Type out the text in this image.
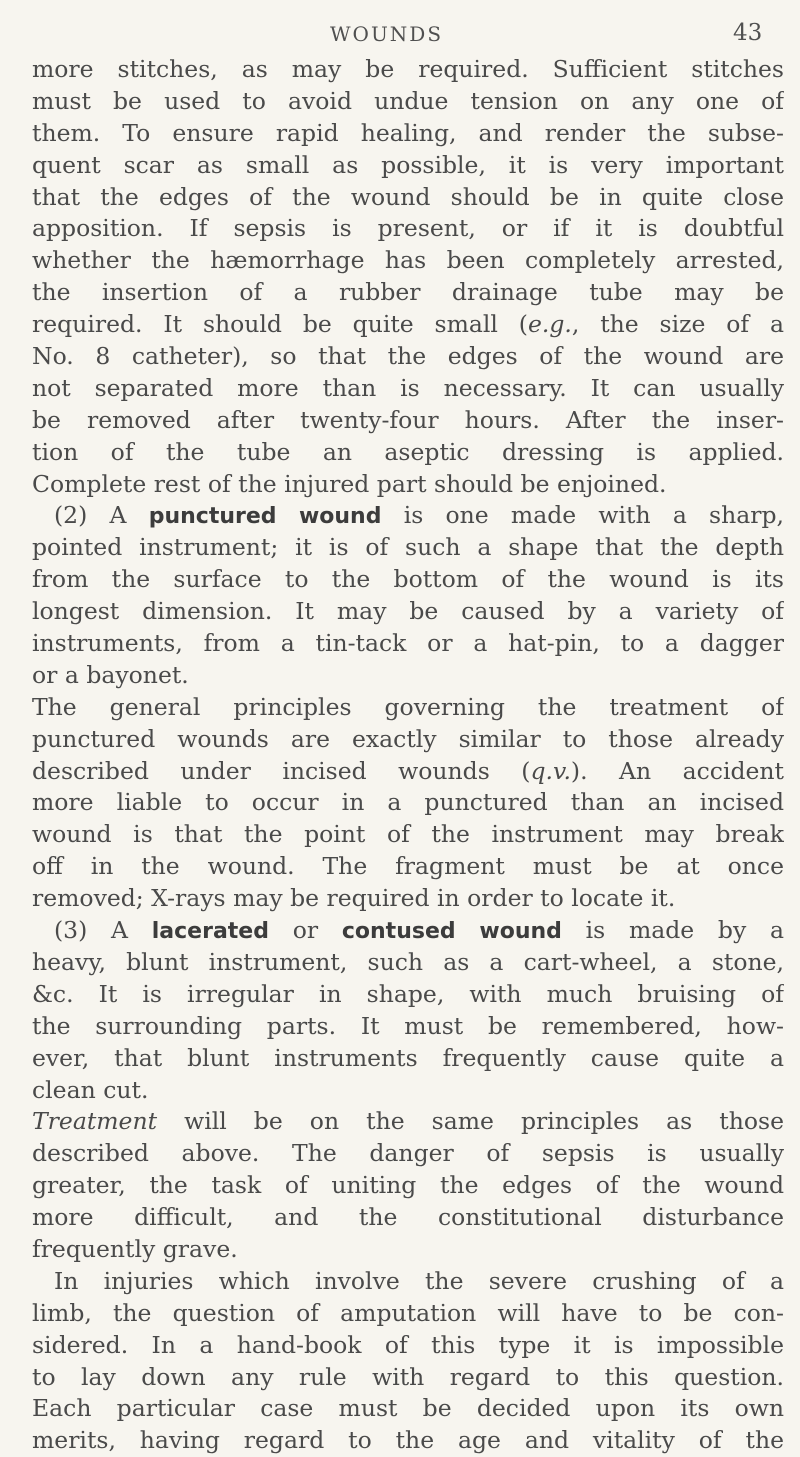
WOUNDS	43
more stitches, as may be required. Sufficient stitches
must be used to avoid undue tension on any one of
them. To ensure rapid healing, and render the subse-
quent scar as small as possible, it is very important
that the edges of the wound should be in quite close
apposition. If sepsis is present, or if it is doubtful
whether the hæmorrhage has been completely arrested,
the insertion of a rubber drainage tube may be
required. It should be quite small (e.g., the size of a
No. 8 catheter), so that the edges of the wound are
not separated more than is necessary. It can usually
be removed after twenty-four hours. After the inser-
tion of the tube an aseptic dressing is applied.
Complete rest of the injured part should be enjoined.
(2) A punctured wound is one made with a sharp,
pointed instrument; it is of such a shape that the depth
from the surface to the bottom of the wound is its
longest dimension. It may be caused by a variety of
instruments, from a tin-tack or a hat-pin, to a dagger
or a bayonet.
The general principles governing the treatment of
punctured wounds are exactly similar to those already
described under incised wounds (q.v.). An accident
more liable to occur in a punctured than an incised
wound is that the point of the instrument may break
off in the wound. The fragment must be at once
removed; X-rays may be required in order to locate it.
(3) A lacerated or contused wound is made by a
heavy, blunt instrument, such as a cart-wheel, a stone,
&c. It is irregular in shape, with much bruising of
the surrounding parts. It must be remembered, how-
ever, that blunt instruments frequently cause quite a
clean cut.
Treatment will be on the same principles as those
described above. The danger of sepsis is usually
greater, the task of uniting the edges of the wound
more difficult, and the constitutional disturbance
frequently grave.
In injuries which involve the severe crushing of a
limb, the question of amputation will have to be con-
sidered. In a hand-book of this type it is impossible
to lay down any rule with regard to this question.
Each particular case must be decided upon its own
merits, having regard to the age and vitality of the
